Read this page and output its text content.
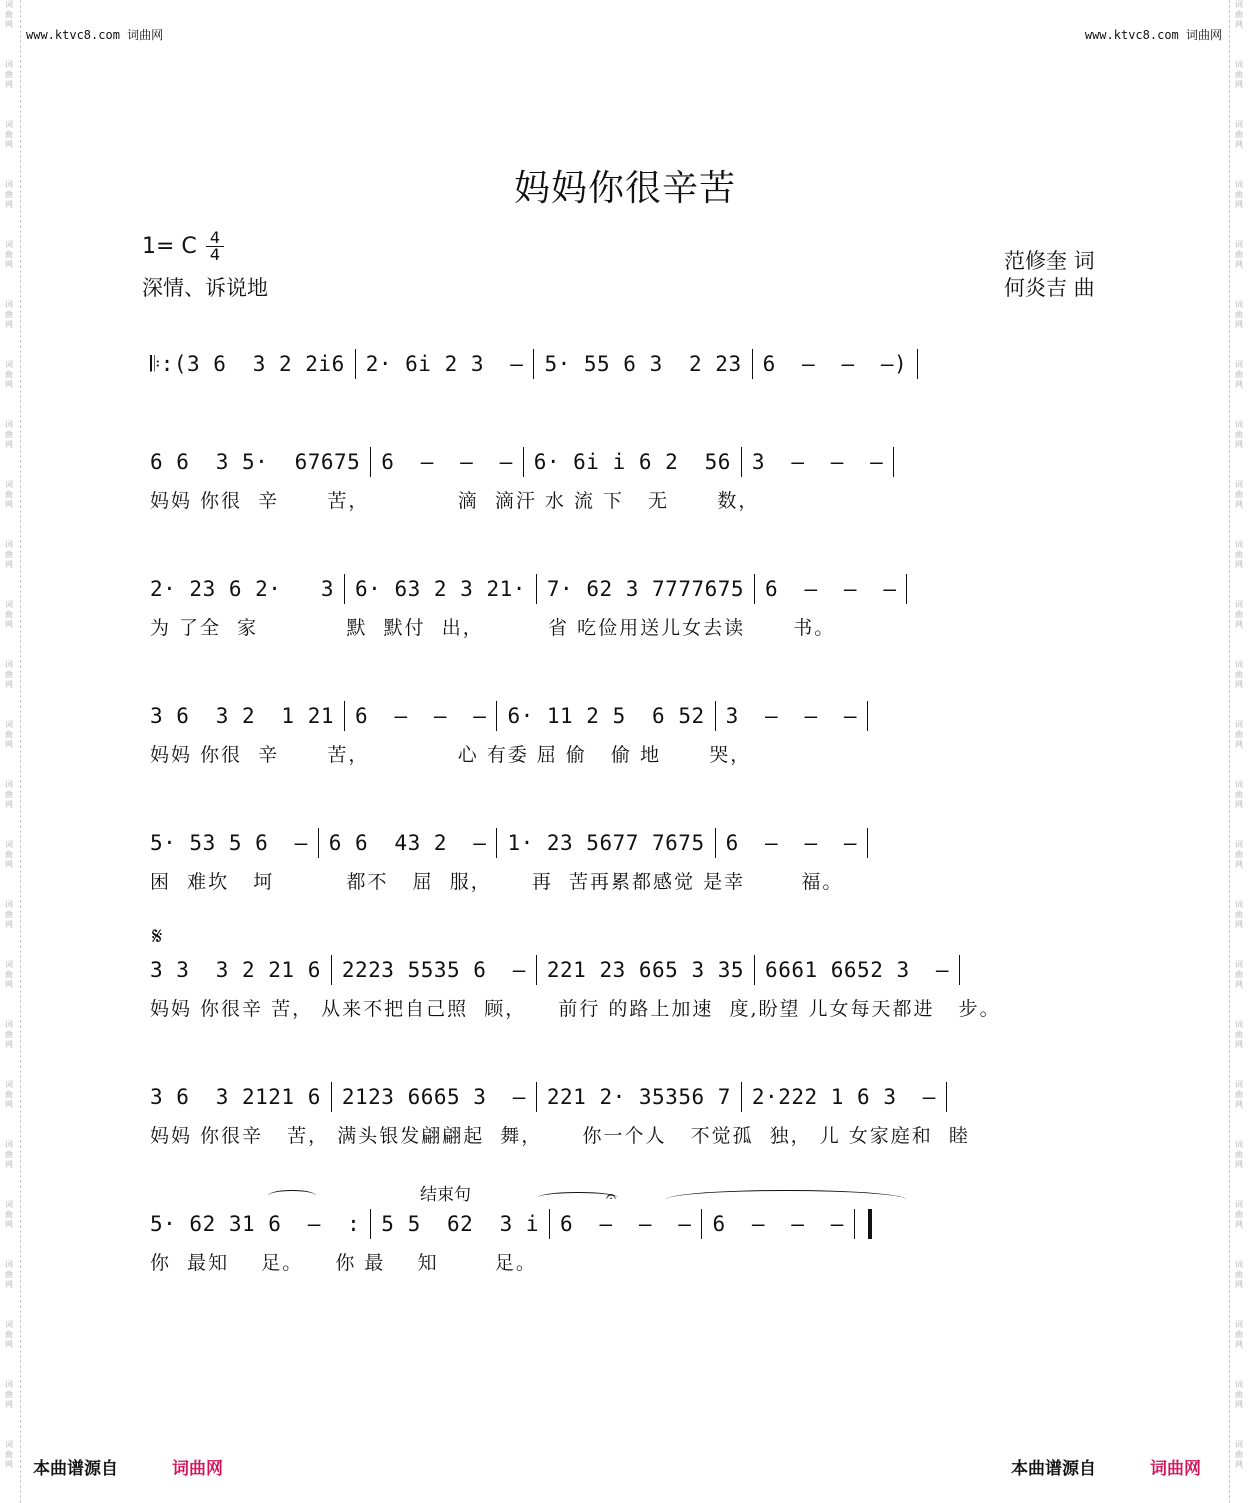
词
曲
网
词
曲
网
词
曲
网
词
曲
网
词
曲
网
词
曲
网
词
曲
网
词
曲
网
词
曲
网
词
曲
网
词
曲
网
词
曲
网
词
曲
网
词
曲
网
词
曲
网
词
曲
网
词
曲
网
词
曲
网
词
曲
网
词
曲
网
词
曲
网
词
曲
网
词
曲
网
词
曲
网
词
曲
网
词
曲
网
词
曲
网
词
曲
网
词
曲
网
词
曲
网
词
曲
网
词
曲
网
词
曲
网
词
曲
网
词
曲
网
词
曲
网
词
曲
网
词
曲
网
词
曲
网
词
曲
网
词
曲
网
词
曲
网
词
曲
网
词
曲
网
词
曲
网
词
曲
网
词
曲
网
词
曲
网
词
曲
网
词
曲
网
www.ktvc8.com 词曲网	www.ktvc8.com 词曲网
妈妈你很辛苦
1= C 4
4
深情、诉说地
范修奎 词
何炎吉 曲
𝄆:(3 6  3 2 2i6 2· 6i 2 3  – 5· 55 6 3  2 23 6  –  –  –)
6 6  3 5·  67675 6  –  –  – 6· 6i i 6 2  56 3  –  –  –
妈妈 你很  辛      苦，           滴  滴汗 水 流 下   无      数，
2· 23 6 2·   3 6· 63 2 3 21· 7· 62 3 7777675 6  –  –  –
为 了全  家           默  默付  出，        省 吃俭用送儿女去读      书。
3 6  3 2  1 21 6  –  –  – 6· 11 2 5  6 52 3  –  –  –
妈妈 你很  辛      苦，           心 有委 屈 偷   偷 地      哭，
5· 53 5 6  – 6 6  43 2  – 1· 23 5677 7675 6  –  –  –
困  难坎   坷         都不   屈  服，     再  苦再累都感觉 是幸       福。
𝄋
3 3  3 2 21 6 2223 5535 6  – 221 23 665 3 35 6661 6652 3  –
妈妈 你很辛 苦， 从来不把自己照  顾，    前行 的路上加速  度,盼望 儿女每天都进   步。
3 6  3 2121 6 2123 6665 3  – 221 2· 35356 7 2·222 1 6 3  –
妈妈 你很辛   苦， 满头银发翩翩起  舞，     你一个人   不觉孤  独， 儿 女家庭和  睦
结束句	𝄐
5· 62 31 6  –  : 5 5  62  3 i 6  –  –  – 6  –  –  –
你  最知    足。    你 最    知       足。
本曲谱源自	词曲网	本曲谱源自	词曲网
